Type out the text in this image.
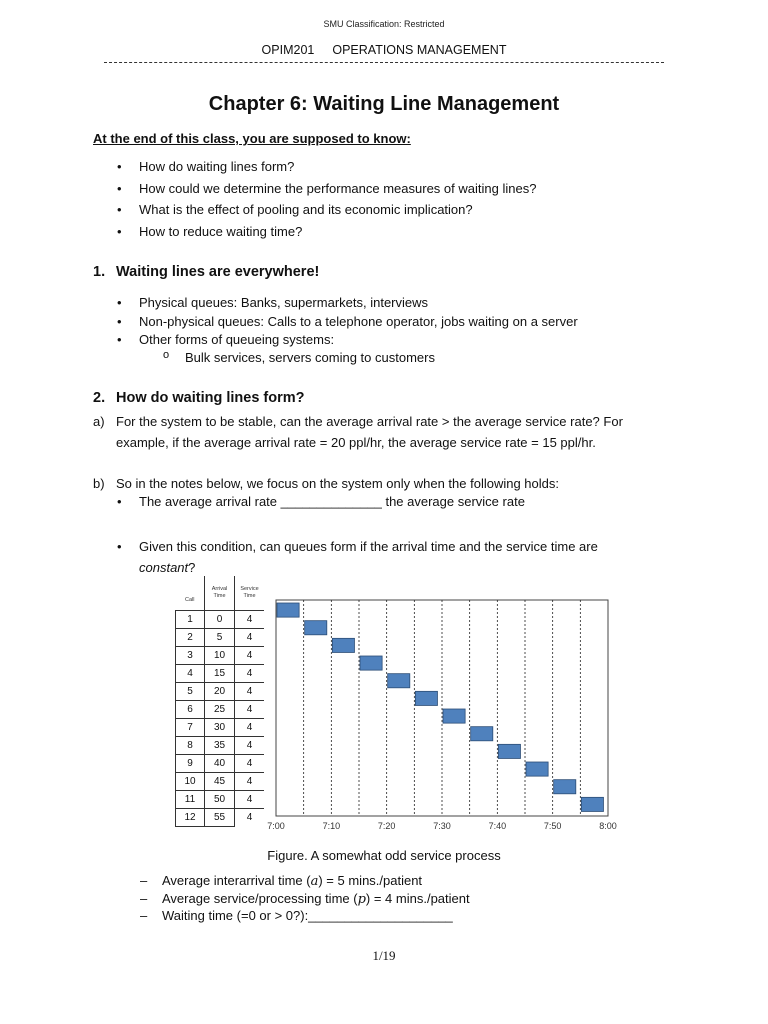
SMU Classification: Restricted
OPIM201 OPERATIONS MANAGEMENT
Chapter 6: Waiting Line Management
At the end of this class, you are supposed to know:
• How do waiting lines form?
• How could we determine the performance measures of waiting lines?
• What is the effect of pooling and its economic implication?
• How to reduce waiting time?
1. Waiting lines are everywhere!
• Physical queues: Banks, supermarkets, interviews
• Non-physical queues: Calls to a telephone operator, jobs waiting on a server
• Other forms of queueing systems:
o Bulk services, servers coming to customers
2. How do waiting lines form?
a) For the system to be stable, can the average arrival rate > the average service rate? For example, if the average arrival rate = 20 ppl/hr, the average service rate = 15 ppl/hr.
b) So in the notes below, we focus on the system only when the following holds:
• The average arrival rate ______________ the average service rate
• Given this condition, can queues form if the arrival time and the service time are constant?
Call	Arrival Time	Service Time
1	0	4
2	5	4
3	10	4
4	15	4
5	20	4
6	25	4
7	30	4
8	35	4
9	40	4
10	45	4
11	50	4
12	55	4
7:00	7:10	7:20	7:30	7:40	7:50	8:00
Figure. A somewhat odd service process
– Average interarrival time (a) = 5 mins./patient
– Average service/processing time (p) = 4 mins./patient
– Waiting time (=0 or > 0?):____________________
1/19
